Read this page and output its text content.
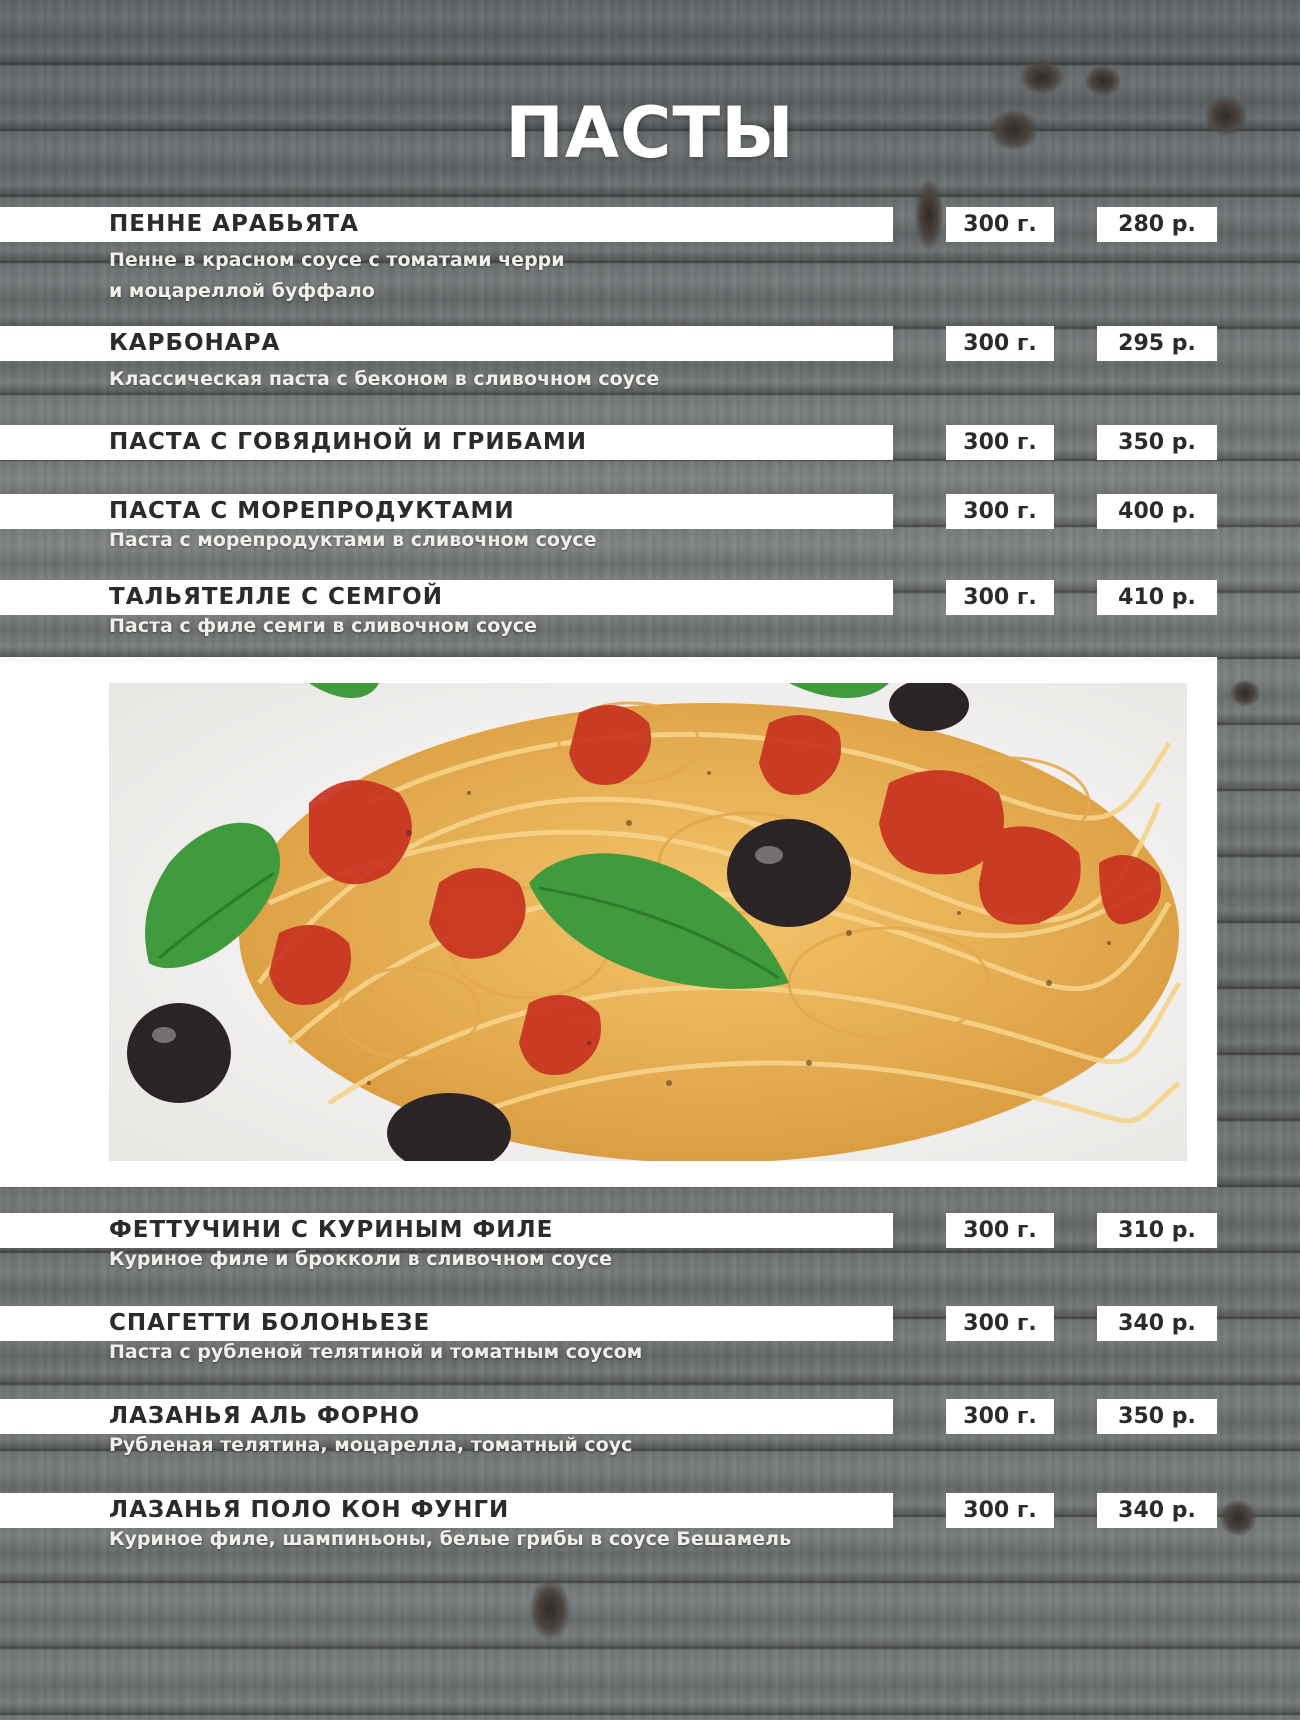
ПАСТЫ
ПЕННЕ АРАБЬЯТА	300 г.	280 р.
Пенне в красном соусе с томатами черри
и моцареллой буффало
КАРБОНАРА	300 г.	295 р.
Классическая паста с беконом в сливочном соусе
ПАСТА С ГОВЯДИНОЙ И ГРИБАМИ	300 г.	350 р.
ПАСТА С МОРЕПРОДУКТАМИ	300 г.	400 р.
Паста с морепродуктами в сливочном соусе
ТАЛЬЯТЕЛЛЕ С СЕМГОЙ	300 г.	410 р.
Паста с филе семги в сливочном соусе
ФЕТТУЧИНИ С КУРИНЫМ ФИЛЕ	300 г.	310 р.
Куриное филе и брокколи в сливочном соусе
СПАГЕТТИ БОЛОНЬЕЗЕ	300 г.	340 р.
Паста с рубленой телятиной и томатным соусом
ЛАЗАНЬЯ АЛЬ ФОРНО	300 г.	350 р.
Рубленая телятина, моцарелла, томатный соус
ЛАЗАНЬЯ ПОЛО КОН ФУНГИ	300 г.	340 р.
Куриное филе, шампиньоны, белые грибы в соусе Бешамель
